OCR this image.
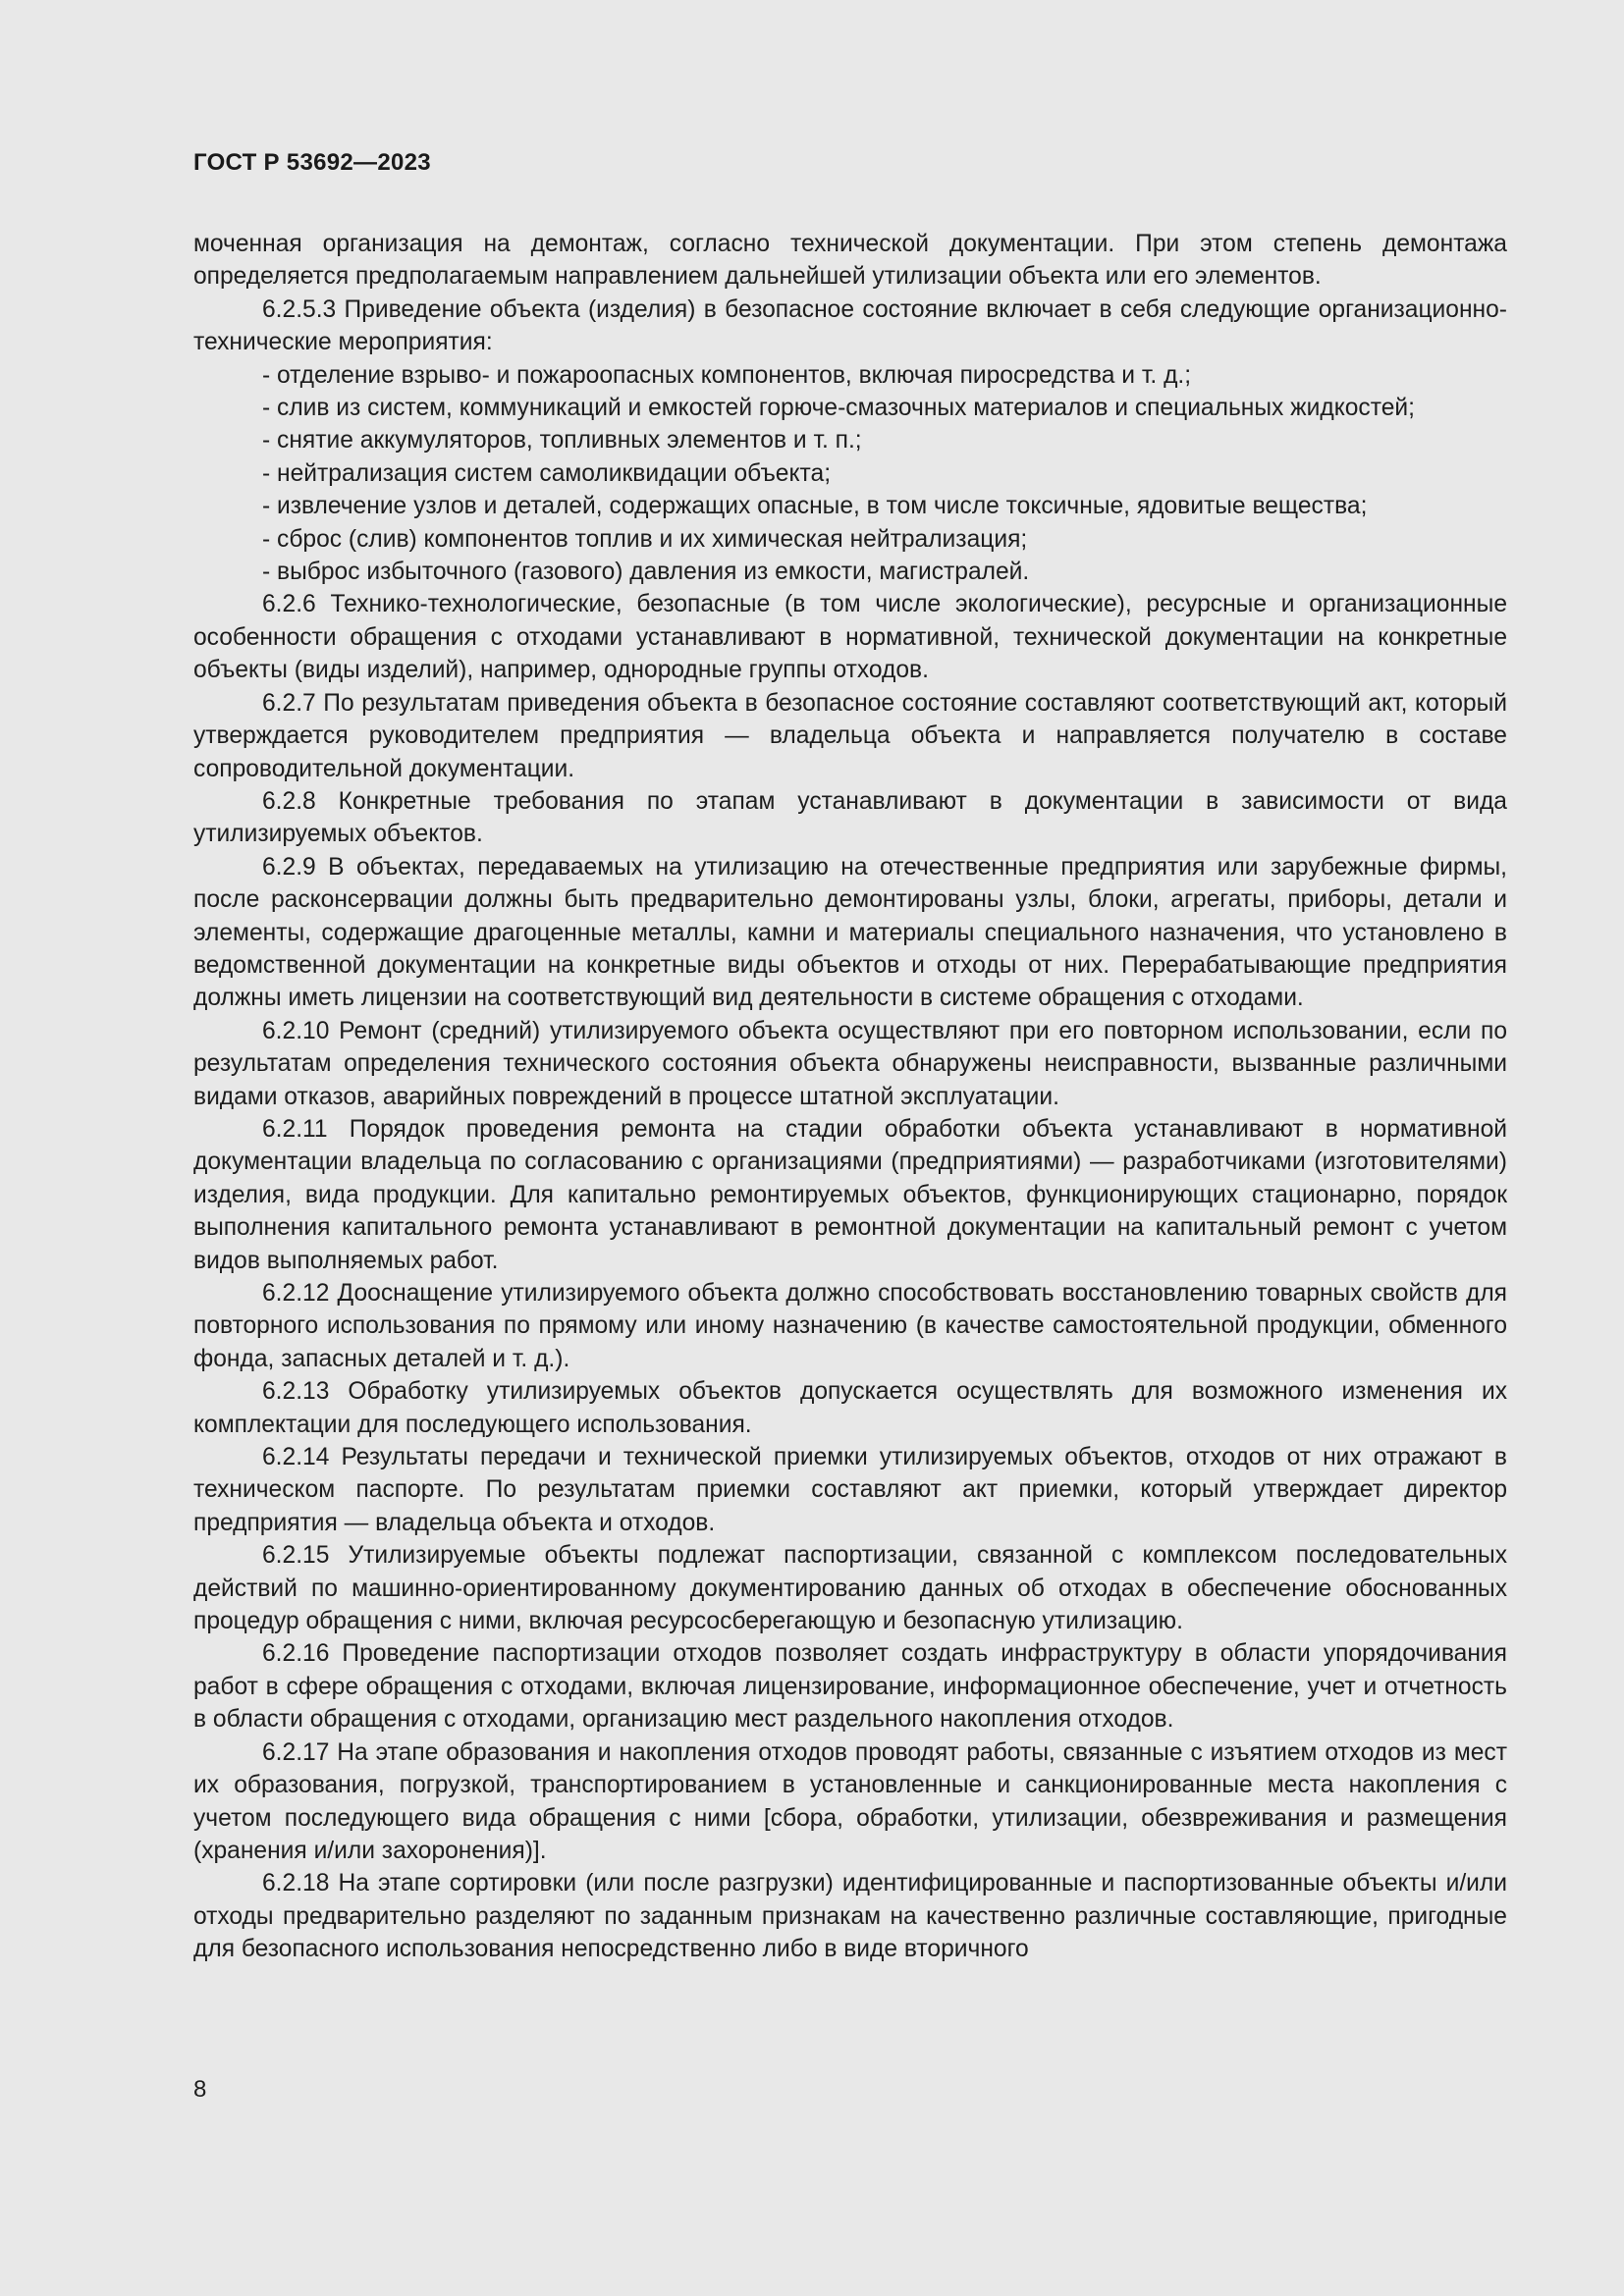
ГОСТ Р 53692—2023

моченная организация на демонтаж, согласно технической документации. При этом степень демонтажа определяется предполагаемым направлением дальнейшей утилизации объекта или его элементов.

6.2.5.3 Приведение объекта (изделия) в безопасное состояние включает в себя следующие организационно-технические мероприятия:

- отделение взрыво- и пожароопасных компонентов, включая пиросредства и т. д.;

- слив из систем, коммуникаций и емкостей горюче-смазочных материалов и специальных жидкостей;

- снятие аккумуляторов, топливных элементов и т. п.;

- нейтрализация систем самоликвидации объекта;

- извлечение узлов и деталей, содержащих опасные, в том числе токсичные, ядовитые вещества;

- сброс (слив) компонентов топлив и их химическая нейтрализация;

- выброс избыточного (газового) давления из емкости, магистралей.

6.2.6 Технико-технологические, безопасные (в том числе экологические), ресурсные и организационные особенности обращения с отходами устанавливают в нормативной, технической документации на конкретные объекты (виды изделий), например, однородные группы отходов.

6.2.7 По результатам приведения объекта в безопасное состояние составляют соответствующий акт, который утверждается руководителем предприятия — владельца объекта и направляется получателю в составе сопроводительной документации.

6.2.8 Конкретные требования по этапам устанавливают в документации в зависимости от вида утилизируемых объектов.

6.2.9 В объектах, передаваемых на утилизацию на отечественные предприятия или зарубежные фирмы, после расконсервации должны быть предварительно демонтированы узлы, блоки, агрегаты, приборы, детали и элементы, содержащие драгоценные металлы, камни и материалы специального назначения, что установлено в ведомственной документации на конкретные виды объектов и отходы от них. Перерабатывающие предприятия должны иметь лицензии на соответствующий вид деятельности в системе обращения с отходами.

6.2.10 Ремонт (средний) утилизируемого объекта осуществляют при его повторном использовании, если по результатам определения технического состояния объекта обнаружены неисправности, вызванные различными видами отказов, аварийных повреждений в процессе штатной эксплуатации.

6.2.11 Порядок проведения ремонта на стадии обработки объекта устанавливают в нормативной документации владельца по согласованию с организациями (предприятиями) — разработчиками (изготовителями) изделия, вида продукции. Для капитально ремонтируемых объектов, функционирующих стационарно, порядок выполнения капитального ремонта устанавливают в ремонтной документации на капитальный ремонт с учетом видов выполняемых работ.

6.2.12 Дооснащение утилизируемого объекта должно способствовать восстановлению товарных свойств для повторного использования по прямому или иному назначению (в качестве самостоятельной продукции, обменного фонда, запасных деталей и т. д.).

6.2.13 Обработку утилизируемых объектов допускается осуществлять для возможного изменения их комплектации для последующего использования.

6.2.14 Результаты передачи и технической приемки утилизируемых объектов, отходов от них отражают в техническом паспорте. По результатам приемки составляют акт приемки, который утверждает директор предприятия — владельца объекта и отходов.

6.2.15 Утилизируемые объекты подлежат паспортизации, связанной с комплексом последовательных действий по машинно-ориентированному документированию данных об отходах в обеспечение обоснованных процедур обращения с ними, включая ресурсосберегающую и безопасную утилизацию.

6.2.16 Проведение паспортизации отходов позволяет создать инфраструктуру в области упорядочивания работ в сфере обращения с отходами, включая лицензирование, информационное обеспечение, учет и отчетность в области обращения с отходами, организацию мест раздельного накопления отходов.

6.2.17 На этапе образования и накопления отходов проводят работы, связанные с изъятием отходов из мест их образования, погрузкой, транспортированием в установленные и санкционированные места накопления с учетом последующего вида обращения с ними [сбора, обработки, утилизации, обезвреживания и размещения (хранения и/или захоронения)].

6.2.18 На этапе сортировки (или после разгрузки) идентифицированные и паспортизованные объекты и/или отходы предварительно разделяют по заданным признакам на качественно различные составляющие, пригодные для безопасного использования непосредственно либо в виде вторичного

8
